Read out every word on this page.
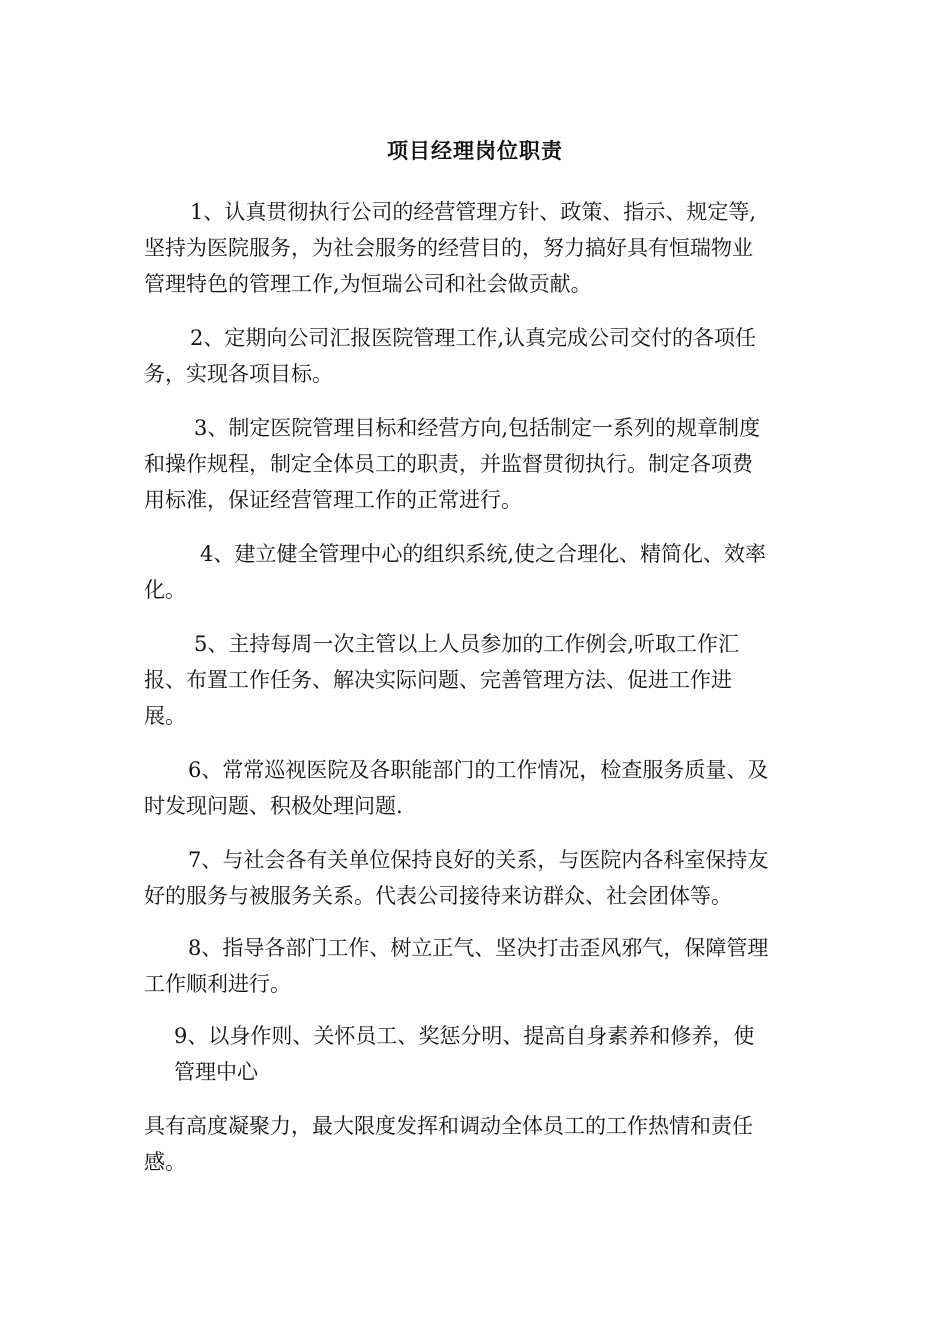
项目经理岗位职责

1、认真贯彻执行公司的经营管理方针、政策、指示、规定等,
坚持为医院服务，为社会服务的经营目的，努力搞好具有恒瑞物业
管理特色的管理工作,为恒瑞公司和社会做贡献。

2、定期向公司汇报医院管理工作,认真完成公司交付的各项任
务，实现各项目标。

3、制定医院管理目标和经营方向,包括制定一系列的规章制度
和操作规程，制定全体员工的职责，并监督贯彻执行。制定各项费
用标准，保证经营管理工作的正常进行。

4、建立健全管理中心的组织系统,使之合理化、精简化、效率
化。

5、主持每周一次主管以上人员参加的工作例会,听取工作汇
报、布置工作任务、解决实际问题、完善管理方法、促进工作进
展。

6、常常巡视医院及各职能部门的工作情况，检查服务质量、及
时发现问题、积极处理问题.

7、与社会各有关单位保持良好的关系，与医院内各科室保持友
好的服务与被服务关系。代表公司接待来访群众、社会团体等。

8、指导各部门工作、树立正气、坚决打击歪风邪气，保障管理
工作顺利进行。

9、以身作则、关怀员工、奖惩分明、提高自身素养和修养，使
管理中心

具有高度凝聚力，最大限度发挥和调动全体员工的工作热情和责任
感。
